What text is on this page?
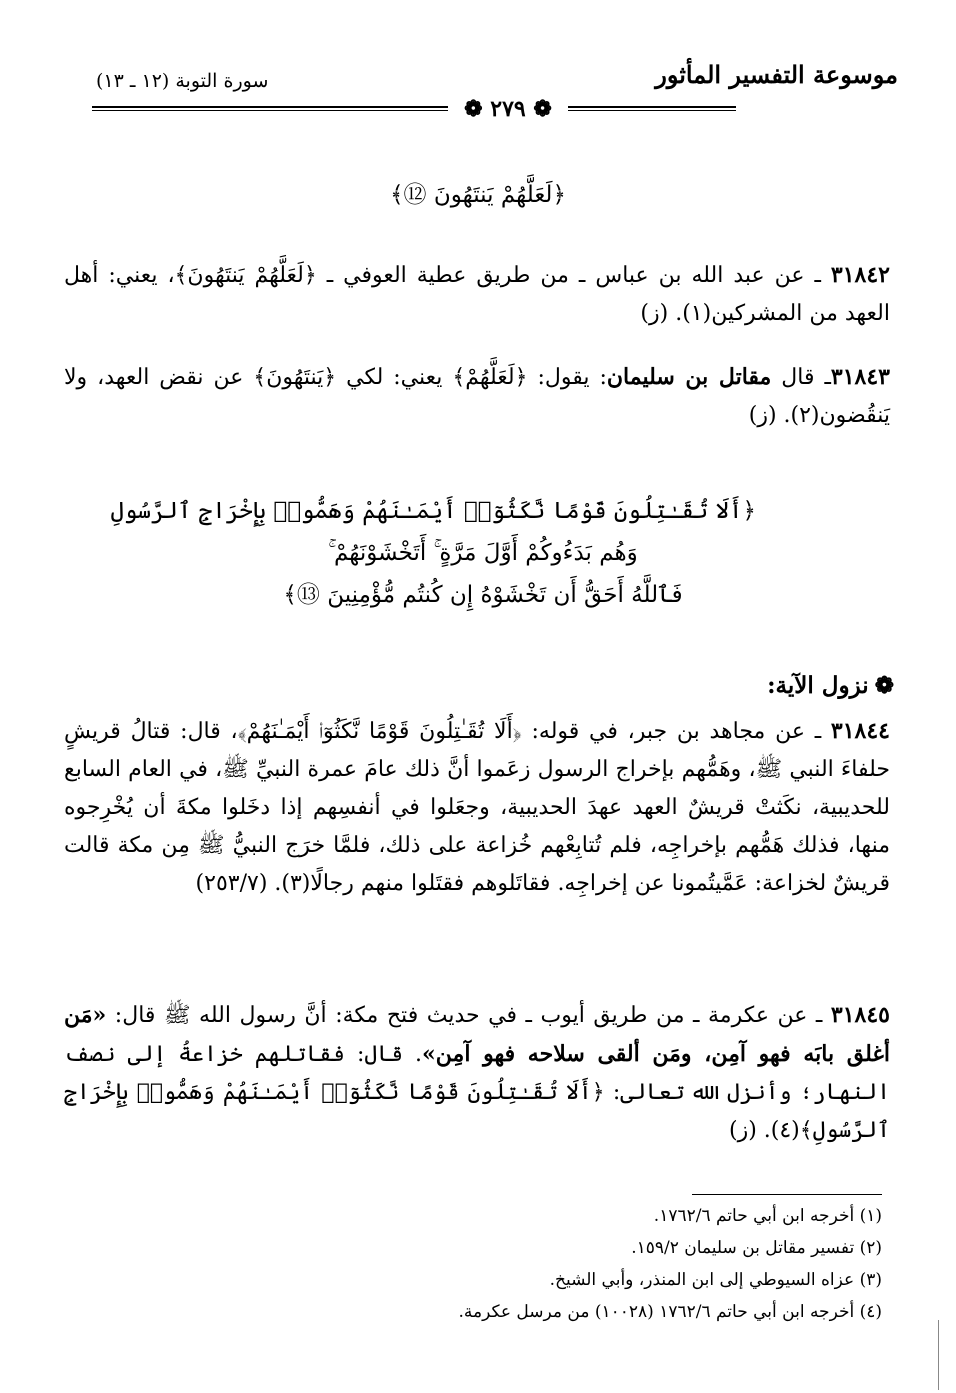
موسوعة التفسير المأثور
سورة التوبة (١٢ ـ ١٣)
❁ ٢٧٩ ❁
﴿لَعَلَّهُمْ يَنتَهُونَ ⑫﴾
٣١٨٤٢ ـ عن عبد الله بن عباس ـ من طريق عطية العوفي ـ ﴿لَعَلَّهُمْ يَنتَهُونَ﴾، يعني: أهل العهد من المشركين(١). (ز)
٣١٨٤٣ـ قال مقاتل بن سليمان: يقول: ﴿لَعَلَّهُمْ﴾ يعني: لكي ﴿يَنتَهُونَ﴾ عن نقض العهد، ولا يَنقُضون(٢). (ز)
﴿أَلَا تُقَـٰتِلُونَ قَوْمًا نَّكَثُوٓا۟ أَيْمَـٰنَهُمْ وَهَمُّوا۟ بِإِخْرَاجِ ٱلرَّسُولِ
وَهُم بَدَءُوكُمْ أَوَّلَ مَرَّةٍ ۚ أَتَخْشَوْنَهُمْ ۚ
فَٱللَّهُ أَحَقُّ أَن تَخْشَوْهُ إِن كُنتُم مُّؤْمِنِينَ ⑬﴾
❁نزول الآية:
٣١٨٤٤ ـ عن مجاهد بن جبر، في قوله: ﴿أَلَا تُقَـٰتِلُونَ قَوْمًا نَّكَثُوٓا۟ أَيْمَـٰنَهُمْ﴾، قال: قتالُ قريشٍ حلفاءَ النبي ﷺ، وهَمُّهم بإخراج الرسول زعَموا أنَّ ذلك عامَ عمرة النبيِّ ﷺ، في العام السابع للحديبية، نكَثتْ قريشٌ العهد عهدَ الحديبية، وجعَلوا في أنفسِهم إذا دخَلوا مكةَ أن يُخْرِجوه منها، فذلك هَمُّهم بإخراجِه، فلم تُتابِعْهم خُزاعة على ذلك، فلمَّا خرَج النبيُّ ﷺ مِن مكة قالت قريشٌ لخزاعة: عَمَّيتُمونا عن إخراجِه. فقاتَلوهم فقتَلوا منهم رجالًا(٣). (٢٥٣/٧)
٣١٨٤٥ ـ عن عكرمة ـ من طريق أيوب ـ في حديث فتح مكة: أنَّ رسول الله ﷺ قال: «مَن أغلق بابَه فهو آمِن، ومَن ألقى سلاحه فهو آمِن». قال: فقاتلهم خزاعةُ إلى نصف النهار؛ وأنزل الله تعالى: ﴿أَلَا تُقَـٰتِلُونَ قَوْمًا نَّكَثُوٓا۟ أَيْمَـٰنَهُمْ وَهَمُّوا۟ بِإِخْرَاجِ ٱلرَّسُولِ﴾(٤). (ز)
(١) أخرجه ابن أبي حاتم ١٧٦٢/٦.
(٢) تفسير مقاتل بن سليمان ١٥٩/٢.
(٣) عزاه السيوطي إلى ابن المنذر، وأبي الشيخ.
(٤) أخرجه ابن أبي حاتم ١٧٦٢/٦ (١٠٠٢٨) من مرسل عكرمة.
